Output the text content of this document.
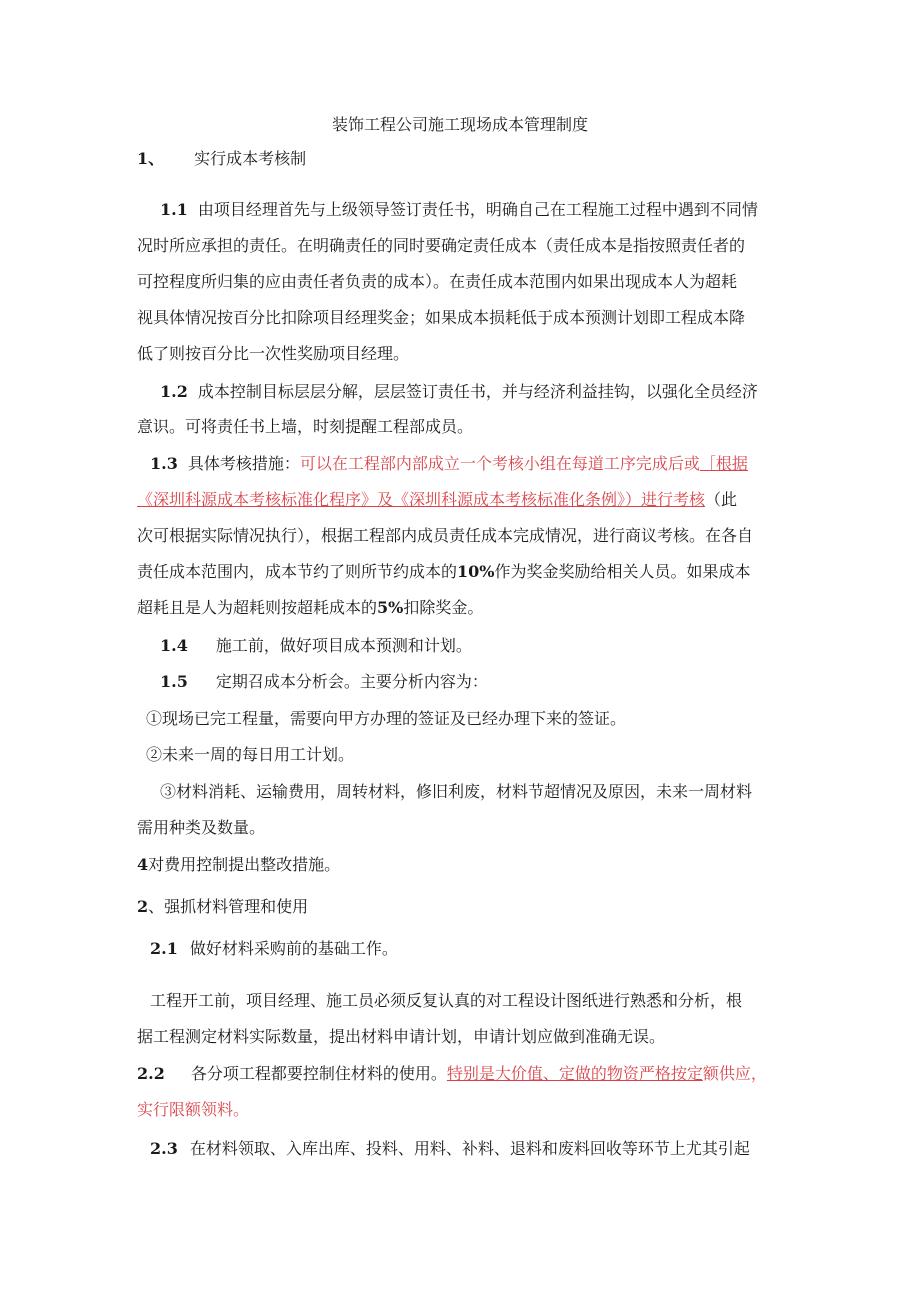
装饰工程公司施工现场成本管理制度
1、 实行成本考核制
1.1 由项目经理首先与上级领导签订责任书，明确自己在工程施工过程中遇到不同情
况时所应承担的责任。在明确责任的同时要确定责任成本（责任成本是指按照责任者的
可控程度所归集的应由责任者负责的成本）。在责任成本范围内如果出现成本人为超耗
视具体情况按百分比扣除项目经理奖金；如果成本损耗低于成本预测计划即工程成本降
低了则按百分比一次性奖励项目经理。
1.2 成本控制目标层层分解，层层签订责任书，并与经济利益挂钩，以强化全员经济
意识。可将责任书上墙，时刻提醒工程部成员。
1.3 具体考核措施：可以在工程部内部成立一个考核小组在每道工序完成后或［根据
《深圳科源成本考核标准化程序》及《深圳科源成本考核标准化条例》）进行考核（此
次可根据实际情况执行），根据工程部内成员责任成本完成情况，进行商议考核。在各自
责任成本范围内，成本节约了则所节约成本的10%作为奖金奖励给相关人员。如果成本
超耗且是人为超耗则按超耗成本的5%扣除奖金。
1.4 施工前，做好项目成本预测和计划。
1.5 定期召成本分析会。主要分析内容为：
①现场已完工程量，需要向甲方办理的签证及已经办理下来的签证。
②未来一周的每日用工计划。
③材料消耗、运输费用，周转材料，修旧利废，材料节超情况及原因，未来一周材料
需用种类及数量。
4对费用控制提出整改措施。
2、强抓材料管理和使用
2.1 做好材料采购前的基础工作。
工程开工前，项目经理、施工员必须反复认真的对工程设计图纸进行熟悉和分析，根
据工程测定材料实际数量，提出材料申请计划，申请计划应做到准确无误。
2.2 各分项工程都要控制住材料的使用。特别是大价值、定做的物资严格按定额供应，
实行限额领料。
2.3 在材料领取、入库出库、投料、用料、补料、退料和废料回收等环节上尤其引起
